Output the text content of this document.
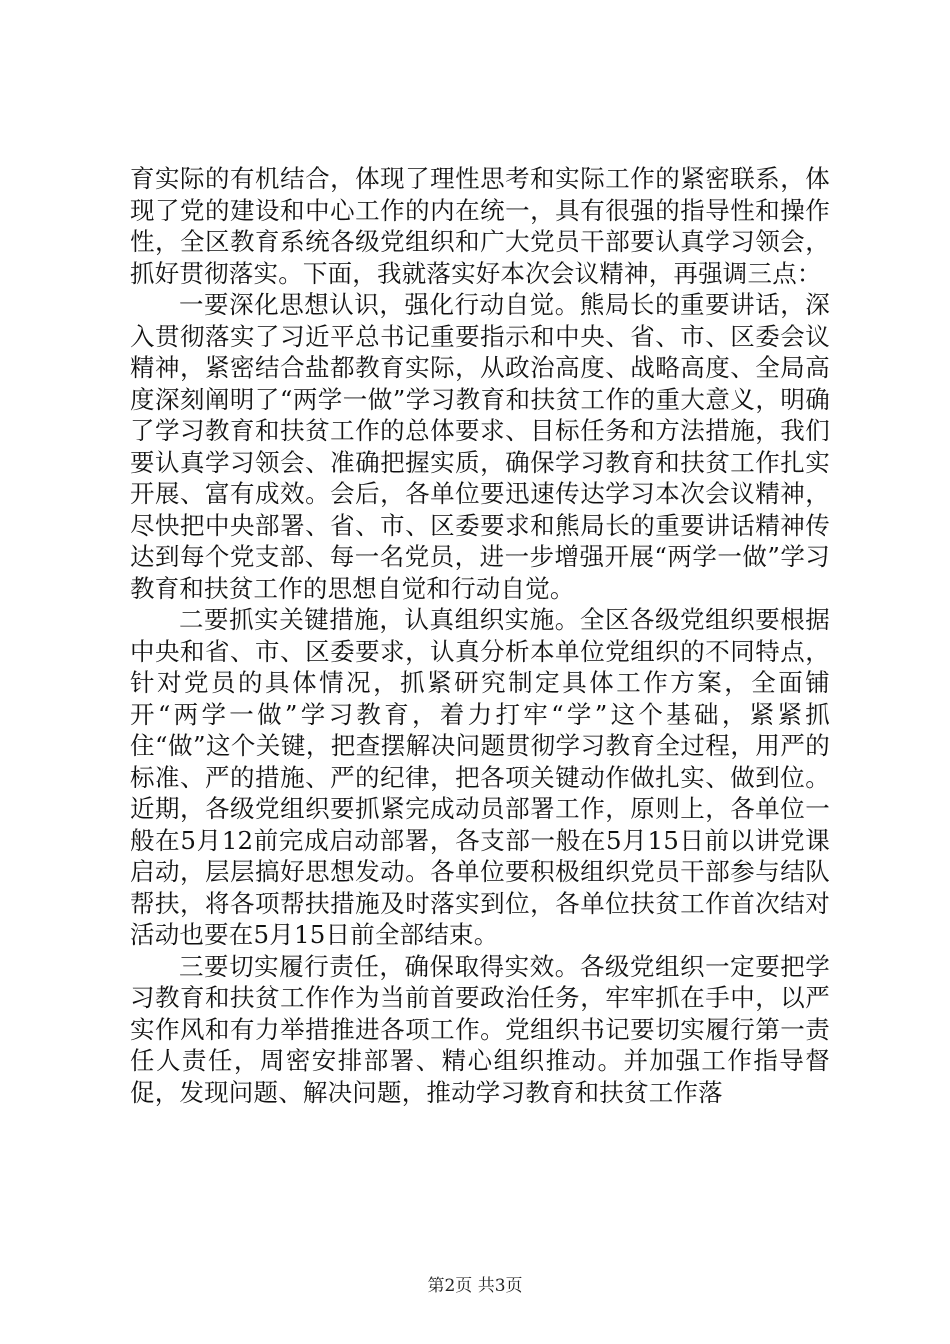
育实际的有机结合，体现了理性思考和实际工作的紧密联系，体现了党的建设和中心工作的内在统一，具有很强的指导性和操作性，全区教育系统各级党组织和广大党员干部要认真学习领会，抓好贯彻落实。下面，我就落实好本次会议精神，再强调三点：

一要深化思想认识，强化行动自觉。熊局长的重要讲话，深入贯彻落实了习近平总书记重要指示和中央、省、市、区委会议精神，紧密结合盐都教育实际，从政治高度、战略高度、全局高度深刻阐明了“两学一做”学习教育和扶贫工作的重大意义，明确了学习教育和扶贫工作的总体要求、目标任务和方法措施，我们要认真学习领会、准确把握实质，确保学习教育和扶贫工作扎实开展、富有成效。会后，各单位要迅速传达学习本次会议精神，尽快把中央部署、省、市、区委要求和熊局长的重要讲话精神传达到每个党支部、每一名党员，进一步增强开展“两学一做”学习教育和扶贫工作的思想自觉和行动自觉。

二要抓实关键措施，认真组织实施。全区各级党组织要根据中央和省、市、区委要求，认真分析本单位党组织的不同特点，针对党员的具体情况，抓紧研究制定具体工作方案，全面铺开“两学一做”学习教育，着力打牢“学”这个基础，紧紧抓住“做”这个关键，把查摆解决问题贯彻学习教育全过程，用严的标准、严的措施、严的纪律，把各项关键动作做扎实、做到位。近期，各级党组织要抓紧完成动员部署工作，原则上，各单位一般在5月12前完成启动部署，各支部一般在5月15日前以讲党课启动，层层搞好思想发动。各单位要积极组织党员干部参与结队帮扶，将各项帮扶措施及时落实到位，各单位扶贫工作首次结对活动也要在5月15日前全部结束。

三要切实履行责任，确保取得实效。各级党组织一定要把学习教育和扶贫工作作为当前首要政治任务，牢牢抓在手中，以严实作风和有力举措推进各项工作。党组织书记要切实履行第一责任人责任，周密安排部署、精心组织推动。并加强工作指导督促，发现问题、解决问题，推动学习教育和扶贫工作落

第2页 共3页
